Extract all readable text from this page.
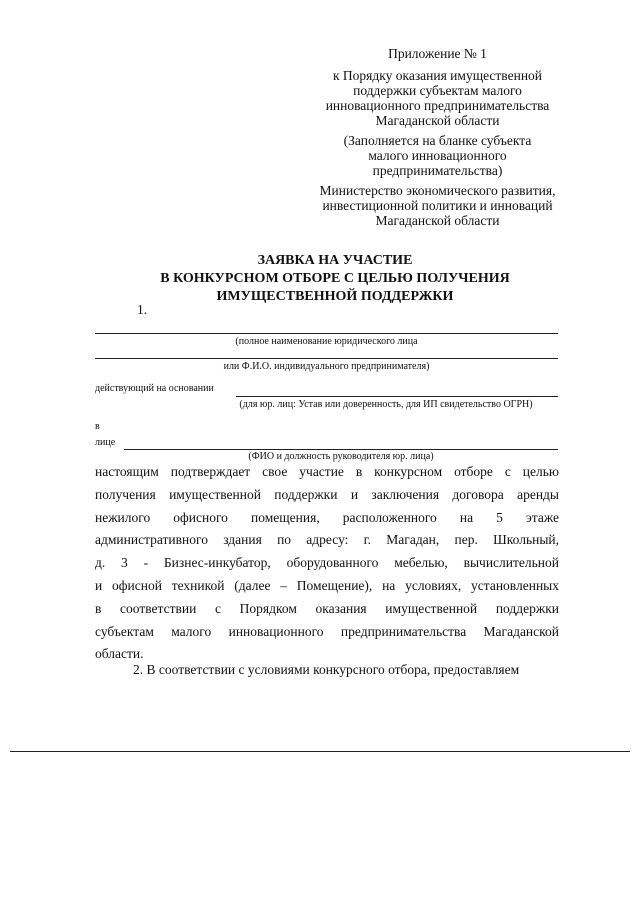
Приложение № 1
к Порядку оказания имущественной
поддержки субъектам малого
инновационного предпринимательства
Магаданской области
(Заполняется на бланке субъекта
малого инновационного
предпринимательства)
Министерство экономического развития,
инвестиционной политики и инноваций
Магаданской области
ЗАЯВКА НА УЧАСТИЕ
В КОНКУРСНОМ ОТБОРЕ С ЦЕЛЬЮ ПОЛУЧЕНИЯ
ИМУЩЕСТВЕННОЙ ПОДДЕРЖКИ
1.
(полное наименование юридического лица
или Ф.И.О. индивидуального предпринимателя)
действующий на основании
(для юр. лиц: Устав или доверенность, для ИП свидетельство ОГРН)
в
лице
(ФИО и должность руководителя юр. лица)
настоящим подтверждает свое участие в конкурсном отборе с целью
получения имущественной поддержки и заключения договора аренды
нежилого офисного помещения, расположенного на 5 этаже
административного здания по адресу: г. Магадан, пер. Школьный,
д. 3 - Бизнес-инкубатор, оборудованного мебелью, вычислительной
и офисной техникой (далее – Помещение), на условиях, установленных
в соответствии с Порядком оказания имущественной поддержки
субъектам малого инновационного предпринимательства Магаданской
области.
2. В соответствии с условиями конкурсного отбора, предоставляем
